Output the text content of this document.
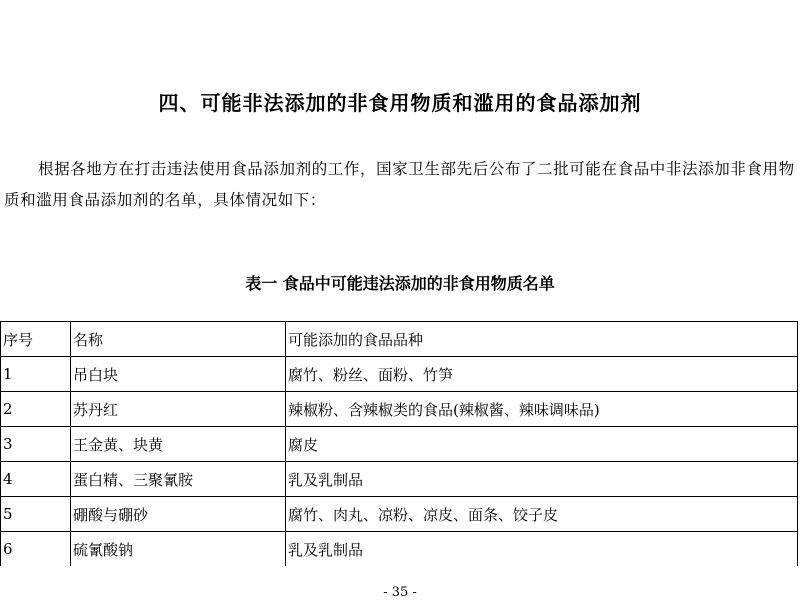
四、可能非法添加的非食用物质和滥用的食品添加剂

根据各地方在打击违法使用食品添加剂的工作，国家卫生部先后公布了二批可能在食品中非法添加非食用物质和滥用食品添加剂的名单，具体情况如下：

表一 食品中可能违法添加的非食用物质名单

序号	名称	可能添加的食品品种
1	吊白块	腐竹、粉丝、面粉、竹笋
2	苏丹红	辣椒粉、含辣椒类的食品(辣椒酱、辣味调味品)
3	王金黄、块黄	腐皮
4	蛋白精、三聚氰胺	乳及乳制品
5	硼酸与硼砂	腐竹、肉丸、凉粉、凉皮、面条、饺子皮
6	硫氰酸钠	乳及乳制品

- 35 -
